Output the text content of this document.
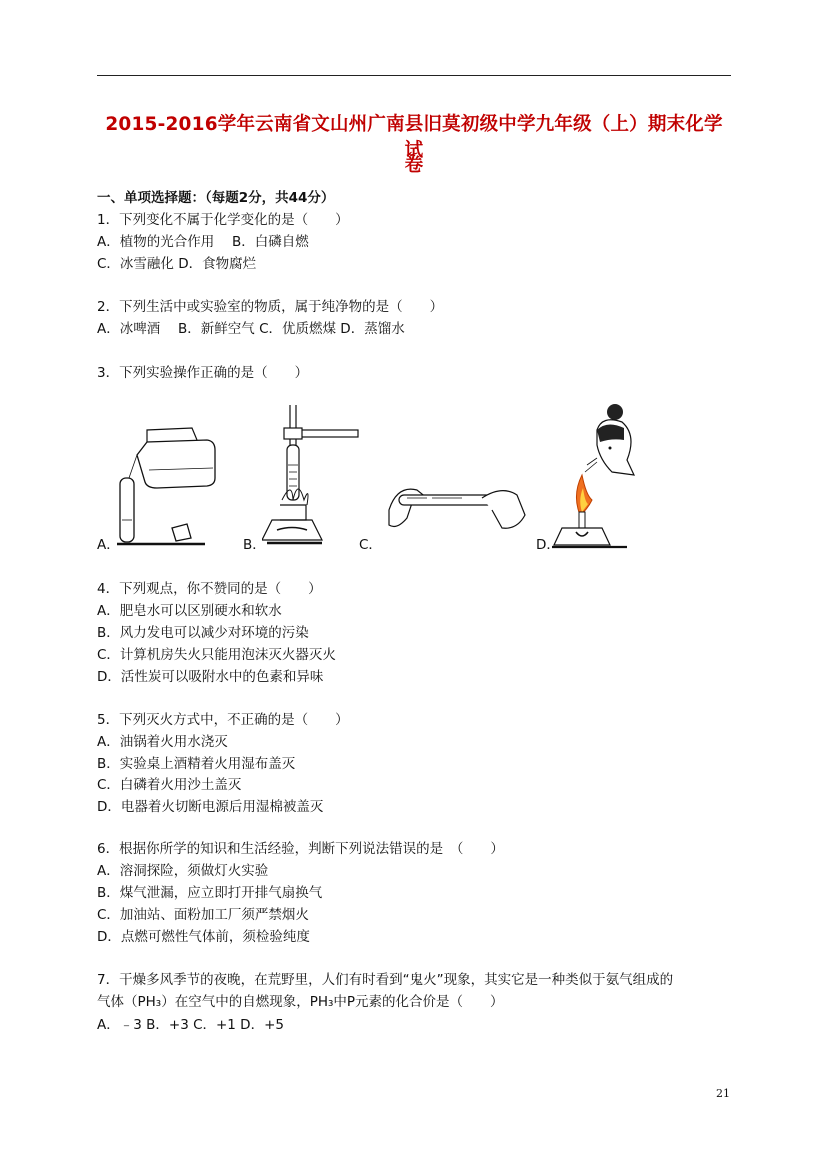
2015-2016学年云南省文山州广南县旧莫初级中学九年级（上）期末化学试
卷
一、单项选择题：（每题2分，共44分）
1．下列变化不属于化学变化的是（　　）
A．植物的光合作用　 B．白磷自燃
C．冰雪融化 D．食物腐烂
2．下列生活中或实验室的物质，属于纯净物的是（　　）
A．冰啤酒　 B．新鲜空气 C．优质燃煤 D．蒸馏水
3．下列实验操作正确的是（　　）
A．	B．	C．	D．
4．下列观点，你不赞同的是（　　）
A．肥皂水可以区别硬水和软水
B．风力发电可以减少对环境的污染
C．计算机房失火只能用泡沫灭火器灭火
D．活性炭可以吸附水中的色素和异味
5．下列灭火方式中，不正确的是（　　）
A．油锅着火用水浇灭
B．实验桌上酒精着火用湿布盖灭
C．白磷着火用沙土盖灭
D．电器着火切断电源后用湿棉被盖灭
6．根据你所学的知识和生活经验，判断下列说法错误的是　（　　）
A．溶洞探险，须做灯火实验
B．煤气泄漏，应立即打开排气扇换气
C．加油站、面粉加工厂须严禁烟火
D．点燃可燃性气体前，须检验纯度
7．干燥多风季节的夜晚，在荒野里，人们有时看到“鬼火”现象，其实它是一种类似于氨气组成的
气体（PH₃）在空气中的自燃现象，PH₃中P元素的化合价是（　　）
A．﹣3 B．+3 C．+1 D．+5
21
